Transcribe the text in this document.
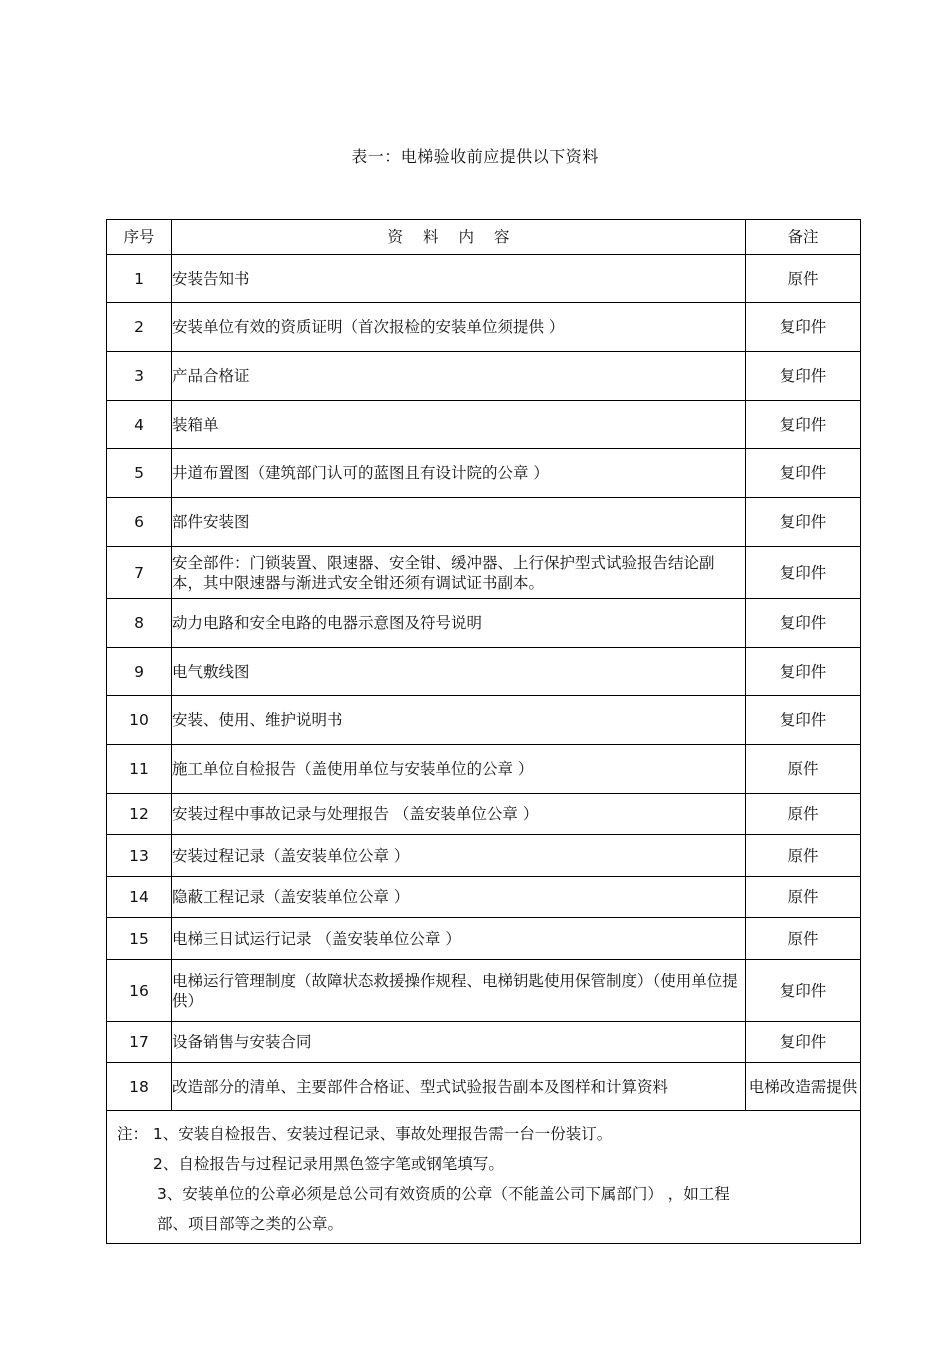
表一：电梯验收前应提供以下资料
序号	资料内容	备注
1	安装告知书	原件
2	安装单位有效的资质证明（首次报检的安装单位须提供 ）	复印件
3	产品合格证	复印件
4	装箱单	复印件
5	井道布置图（建筑部门认可的蓝图且有设计院的公章 ）	复印件
6	部件安装图	复印件
7	安全部件：门锁装置、限速器、安全钳、缓冲器、上行保护型式试验报告结论副本，其中限速器与渐进式安全钳还须有调试证书副本。	复印件
8	动力电路和安全电路的电器示意图及符号说明	复印件
9	电气敷线图	复印件
10	安装、使用、维护说明书	复印件
11	施工单位自检报告（盖使用单位与安装单位的公章 ）	原件
12	安装过程中事故记录与处理报告 （盖安装单位公章 ）	原件
13	安装过程记录（盖安装单位公章 ）	原件
14	隐蔽工程记录（盖安装单位公章 ）	原件
15	电梯三日试运行记录 （盖安装单位公章 ）	原件
16	电梯运行管理制度（故障状态救援操作规程、电梯钥匙使用保管制度）（使用单位提供）	复印件
17	设备销售与安装合同	复印件
18	改造部分的清单、主要部件合格证、型式试验报告副本及图样和计算资料	电梯改造需提供

注： 1、安装自检报告、安装过程记录、事故处理报告需一台一份装订。
2、自检报告与过程记录用黑色签字笔或钢笔填写。
3、安装单位的公章必须是总公司有效资质的公章（不能盖公司下属部门） ，如工程
部、项目部等之类的公章。		
